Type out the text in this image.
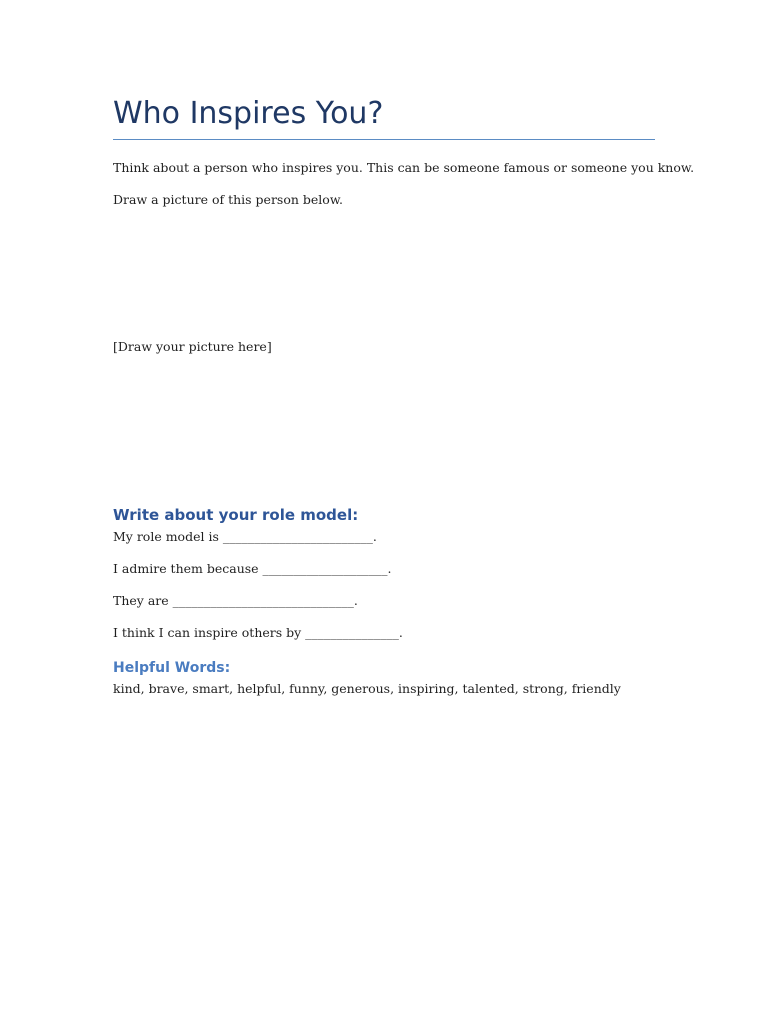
Who Inspires You?

Think about a person who inspires you. This can be someone famous or someone you know.

Draw a picture of this person below.

[Draw your picture here]

Write about your role model:

My role model is ________________________.

I admire them because ____________________.

They are _____________________________.

I think I can inspire others by _______________.

Helpful Words:

kind, brave, smart, helpful, funny, generous, inspiring, talented, strong, friendly
